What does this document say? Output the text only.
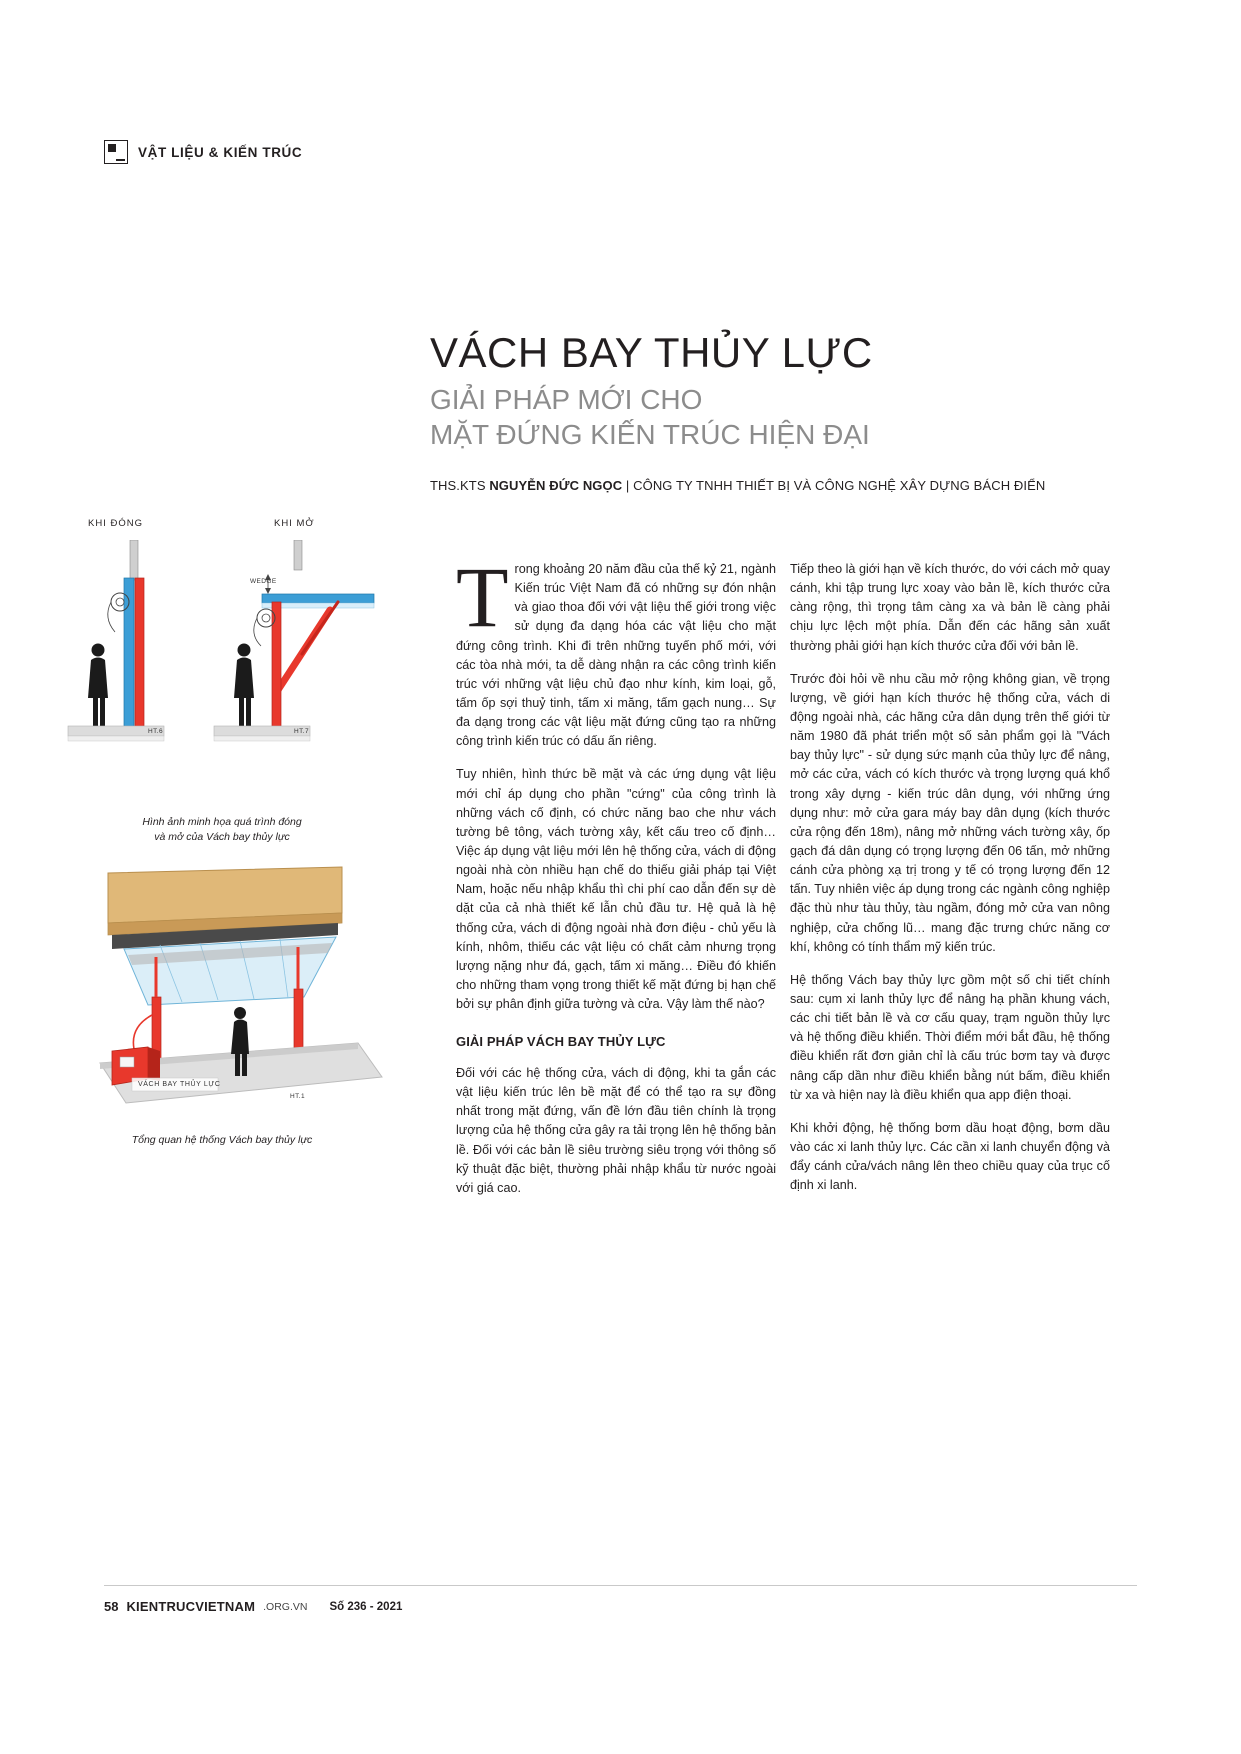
VẬT LIỆU & KIẾN TRÚC
VÁCH BAY THỦY LỰC
GIẢI PHÁP MỚI CHO
MẶT ĐỨNG KIẾN TRÚC HIỆN ĐẠI
THS.KTS NGUYỄN ĐỨC NGỌC | CÔNG TY TNHH THIẾT BỊ VÀ CÔNG NGHỆ XÂY DỰNG BÁCH ĐIỂN
KHI ĐÓNG	KHI MỞ
WEDGE
HT.6	HT.7
Hình ảnh minh họa quá trình đóng
và mở của Vách bay thủy lực
VÁCH BAY THỦY LỰC
HT.1
Tổng quan hệ thống Vách bay thủy lực

Trong khoảng 20 năm đầu của thế kỷ 21, ngành Kiến trúc Việt Nam đã có những sự đón nhận và giao thoa đối với vật liệu thế giới trong việc sử dụng đa dạng hóa các vật liệu cho mặt đứng công trình. Khi đi trên những tuyến phố mới, với các tòa nhà mới, ta dễ dàng nhận ra các công trình kiến trúc với những vật liệu chủ đạo như kính, kim loại, gỗ, tấm ốp sợi thuỷ tinh, tấm xi măng, tấm gạch nung… Sự đa dạng trong các vật liệu mặt đứng cũng tạo ra những công trình kiến trúc có dấu ấn riêng.

Tuy nhiên, hình thức bề mặt và các ứng dụng vật liệu mới chỉ áp dụng cho phần "cứng" của công trình là những vách cố định, có chức năng bao che như vách tường bê tông, vách tường xây, kết cấu treo cố định… Việc áp dụng vật liệu mới lên hệ thống cửa, vách di động ngoài nhà còn nhiều hạn chế do thiếu giải pháp tại Việt Nam, hoặc nếu nhập khẩu thì chi phí cao dẫn đến sự dè dặt của cả nhà thiết kế lẫn chủ đầu tư. Hệ quả là hệ thống cửa, vách di động ngoài nhà đơn điệu - chủ yếu là kính, nhôm, thiếu các vật liệu có chất cảm nhưng trọng lượng nặng như đá, gạch, tấm xi măng… Điều đó khiến cho những tham vọng trong thiết kế mặt đứng bị hạn chế bởi sự phân định giữa tường và cửa. Vậy làm thế nào?

GIẢI PHÁP VÁCH BAY THỦY LỰC

Đối với các hệ thống cửa, vách di động, khi ta gắn các vật liệu kiến trúc lên bề mặt để có thể tạo ra sự đồng nhất trong mặt đứng, vấn đề lớn đầu tiên chính là trọng lượng của hệ thống cửa gây ra tải trọng lên hệ thống bản lề. Đối với các bản lề siêu trường siêu trọng với thông số kỹ thuật đặc biệt, thường phải nhập khẩu từ nước ngoài với giá cao.

Tiếp theo là giới hạn về kích thước, do với cách mở quay cánh, khi tập trung lực xoay vào bản lề, kích thước cửa càng rộng, thì trọng tâm càng xa và bản lề càng phải chịu lực lệch một phía. Dẫn đến các hãng sản xuất thường phải giới hạn kích thước cửa đối với bản lề.

Trước đòi hỏi về nhu cầu mở rộng không gian, về trọng lượng, về giới hạn kích thước hệ thống cửa, vách di động ngoài nhà, các hãng cửa dân dụng trên thế giới từ năm 1980 đã phát triển một số sản phẩm gọi là "Vách bay thủy lực" - sử dụng sức mạnh của thủy lực để nâng, mở các cửa, vách có kích thước và trọng lượng quá khổ trong xây dựng - kiến trúc dân dụng, với những ứng dụng như: mở cửa gara máy bay dân dụng (kích thước cửa rộng đến 18m), nâng mở những vách tường xây, ốp gạch đá dân dụng có trọng lượng đến 06 tấn, mở những cánh cửa phòng xạ trị trong y tế có trọng lượng đến 12 tấn. Tuy nhiên việc áp dụng trong các ngành công nghiệp đặc thù như tàu thủy, tàu ngầm, đóng mở cửa van nông nghiệp, cửa chống lũ… mang đặc trưng chức năng cơ khí, không có tính thẩm mỹ kiến trúc.

Hệ thống Vách bay thủy lực gồm một số chi tiết chính sau: cụm xi lanh thủy lực để nâng hạ phần khung vách, các chi tiết bản lề và cơ cấu quay, trạm nguồn thủy lực và hệ thống điều khiển. Thời điểm mới bắt đầu, hệ thống điều khiển rất đơn giản chỉ là cấu trúc bơm tay và được nâng cấp dần như điều khiển bằng nút bấm, điều khiển từ xa và hiện nay là điều khiển qua app điện thoại.

Khi khởi động, hệ thống bơm dầu hoạt động, bơm dầu vào các xi lanh thủy lực. Các cần xi lanh chuyển động và đẩy cánh cửa/vách nâng lên theo chiều quay của trục cố định xi lanh.

58 KIENTRUCVIETNAM .ORG.VN Số 236 - 2021
